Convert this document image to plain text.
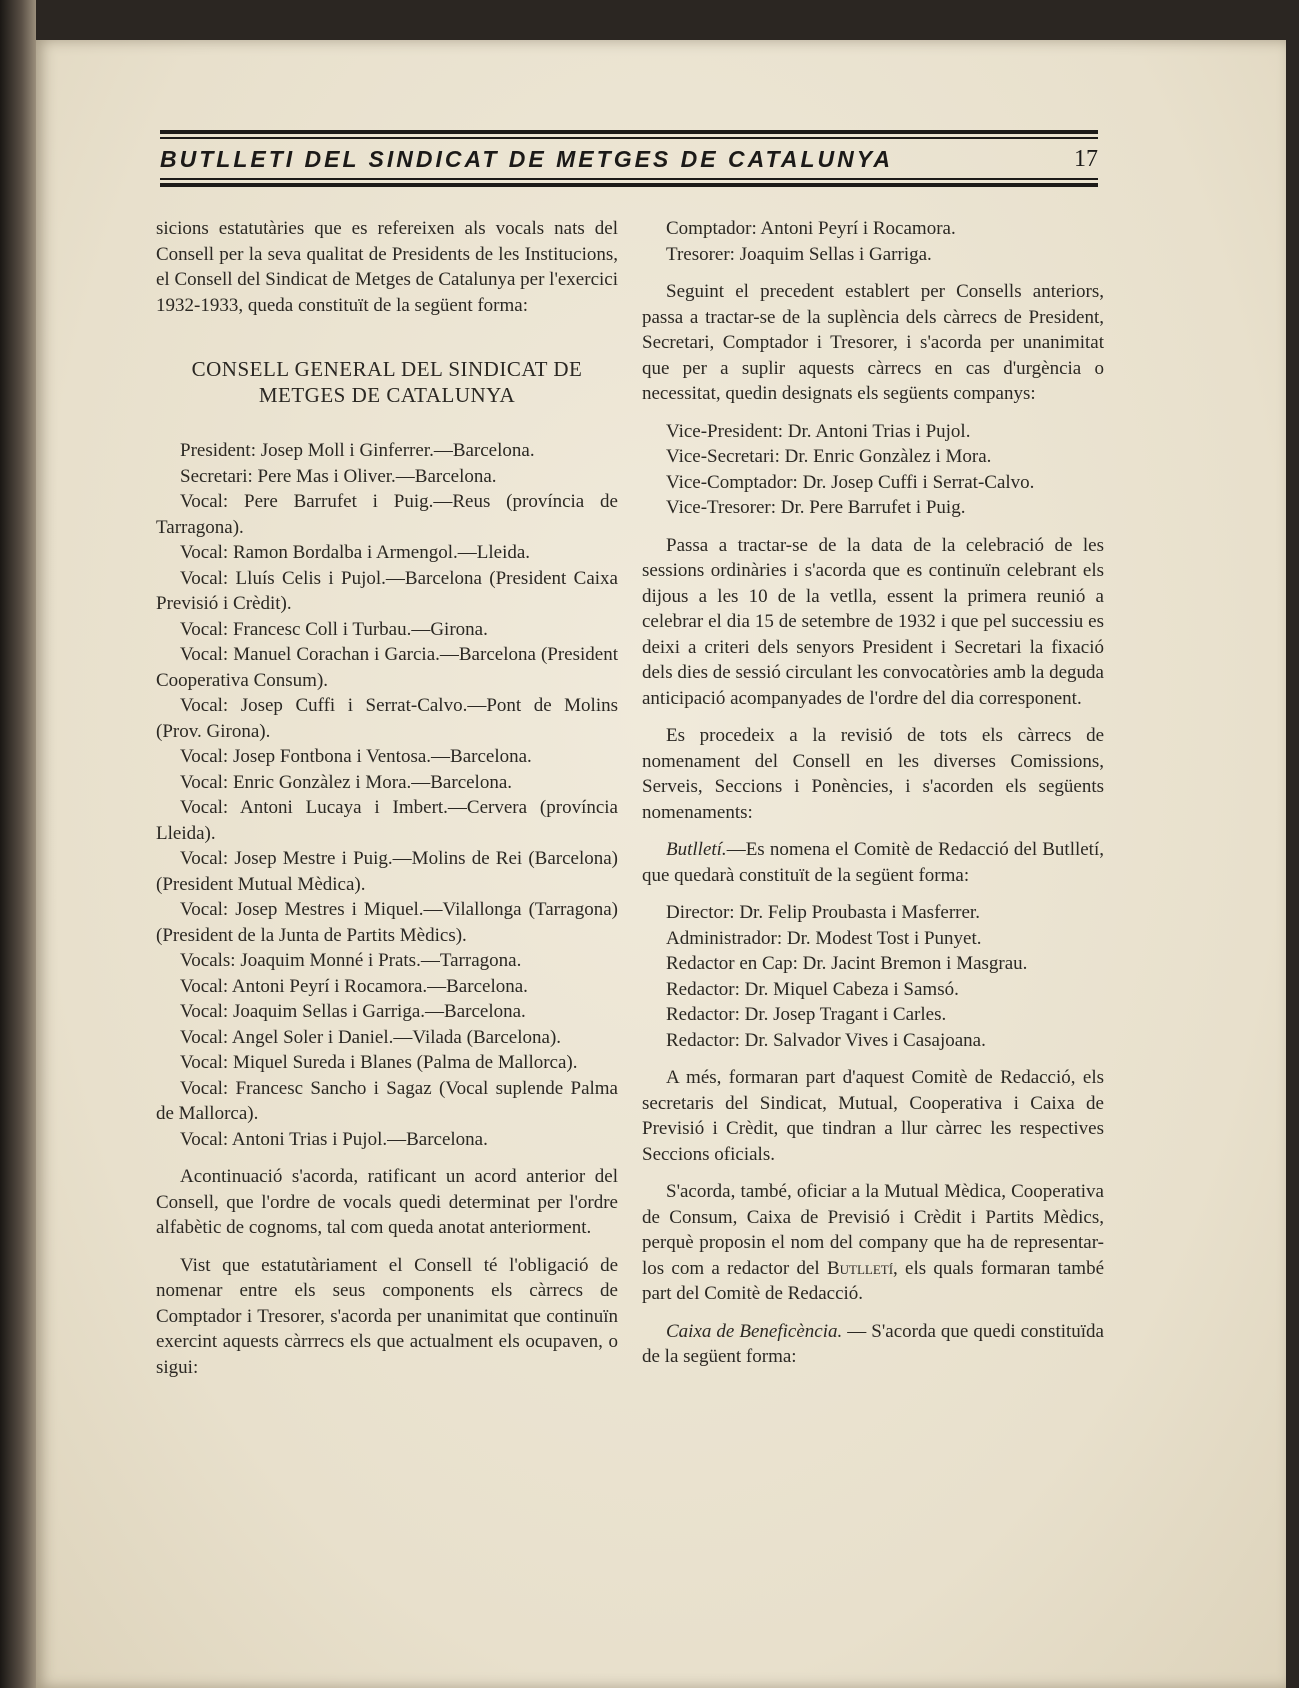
BUTLLETI DEL SINDICAT DE METGES DE CATALUNYA	17

sicions estatutàries que es refereixen als vocals nats del Consell per la seva qualitat de Presidents de les Institucions, el Consell del Sindicat de Metges de Catalunya per l'exercici 1932-1933, queda constituït de la següent forma:

CONSELL GENERAL DEL SINDICAT DE
METGES DE CATALUNYA

President: Josep Moll i Ginferrer.—Barcelona.

Secretari: Pere Mas i Oliver.—Barcelona.

Vocal: Pere Barrufet i Puig.—Reus (província de Tarragona).

Vocal: Ramon Bordalba i Armengol.—Lleida.

Vocal: Lluís Celis i Pujol.—Barcelona (President Caixa Previsió i Crèdit).

Vocal: Francesc Coll i Turbau.—Girona.

Vocal: Manuel Corachan i Garcia.—Barcelona (President Cooperativa Consum).

Vocal: Josep Cuffi i Serrat-Calvo.—Pont de Molins (Prov. Girona).

Vocal: Josep Fontbona i Ventosa.—Barcelona.

Vocal: Enric Gonzàlez i Mora.—Barcelona.

Vocal: Antoni Lucaya i Imbert.—Cervera (província Lleida).

Vocal: Josep Mestre i Puig.—Molins de Rei (Barcelona) (President Mutual Mèdica).

Vocal: Josep Mestres i Miquel.—Vilallonga (Tarragona) (President de la Junta de Partits Mèdics).

Vocals: Joaquim Monné i Prats.—Tarragona.

Vocal: Antoni Peyrí i Rocamora.—Barcelona.

Vocal: Joaquim Sellas i Garriga.—Barcelona.

Vocal: Angel Soler i Daniel.—Vilada (Barcelona).

Vocal: Miquel Sureda i Blanes (Palma de Mallorca).

Vocal: Francesc Sancho i Sagaz (Vocal suplende Palma de Mallorca).

Vocal: Antoni Trias i Pujol.—Barcelona.

Acontinuació s'acorda, ratificant un acord anterior del Consell, que l'ordre de vocals quedi determinat per l'ordre alfabètic de cognoms, tal com queda anotat anteriorment.

Vist que estatutàriament el Consell té l'obligació de nomenar entre els seus components els càrrecs de Comptador i Tresorer, s'acorda per unanimitat que continuïn exercint aquests càrrrecs els que actualment els ocupaven, o sigui:

Comptador: Antoni Peyrí i Rocamora.

Tresorer: Joaquim Sellas i Garriga.

Seguint el precedent establert per Consells anteriors, passa a tractar-se de la suplència dels càrrecs de President, Secretari, Comptador i Tresorer, i s'acorda per unanimitat que per a suplir aquests càrrecs en cas d'urgència o necessitat, quedin designats els següents companys:

Vice-President: Dr. Antoni Trias i Pujol.

Vice-Secretari: Dr. Enric Gonzàlez i Mora.

Vice-Comptador: Dr. Josep Cuffi i Serrat-Calvo.

Vice-Tresorer: Dr. Pere Barrufet i Puig.

Passa a tractar-se de la data de la celebració de les sessions ordinàries i s'acorda que es continuïn celebrant els dijous a les 10 de la vetlla, essent la primera reunió a celebrar el dia 15 de setembre de 1932 i que pel successiu es deixi a criteri dels senyors President i Secretari la fixació dels dies de sessió circulant les convocatòries amb la deguda anticipació acompanyades de l'ordre del dia corresponent.

Es procedeix a la revisió de tots els càrrecs de nomenament del Consell en les diverses Comissions, Serveis, Seccions i Ponències, i s'acorden els següents nomenaments:

Butlletí.—Es nomena el Comitè de Redacció del Butlletí, que quedarà constituït de la següent forma:

Director: Dr. Felip Proubasta i Masferrer.

Administrador: Dr. Modest Tost i Punyet.

Redactor en Cap: Dr. Jacint Bremon i Masgrau.

Redactor: Dr. Miquel Cabeza i Samsó.

Redactor: Dr. Josep Tragant i Carles.

Redactor: Dr. Salvador Vives i Casajoana.

A més, formaran part d'aquest Comitè de Redacció, els secretaris del Sindicat, Mutual, Cooperativa i Caixa de Previsió i Crèdit, que tindran a llur càrrec les respectives Seccions oficials.

S'acorda, també, oficiar a la Mutual Mèdica, Cooperativa de Consum, Caixa de Previsió i Crèdit i Partits Mèdics, perquè proposin el nom del company que ha de representar-los com a redactor del Butlletí, els quals formaran també part del Comitè de Redacció.

Caixa de Beneficència. — S'acorda que quedi constituïda de la següent forma:
